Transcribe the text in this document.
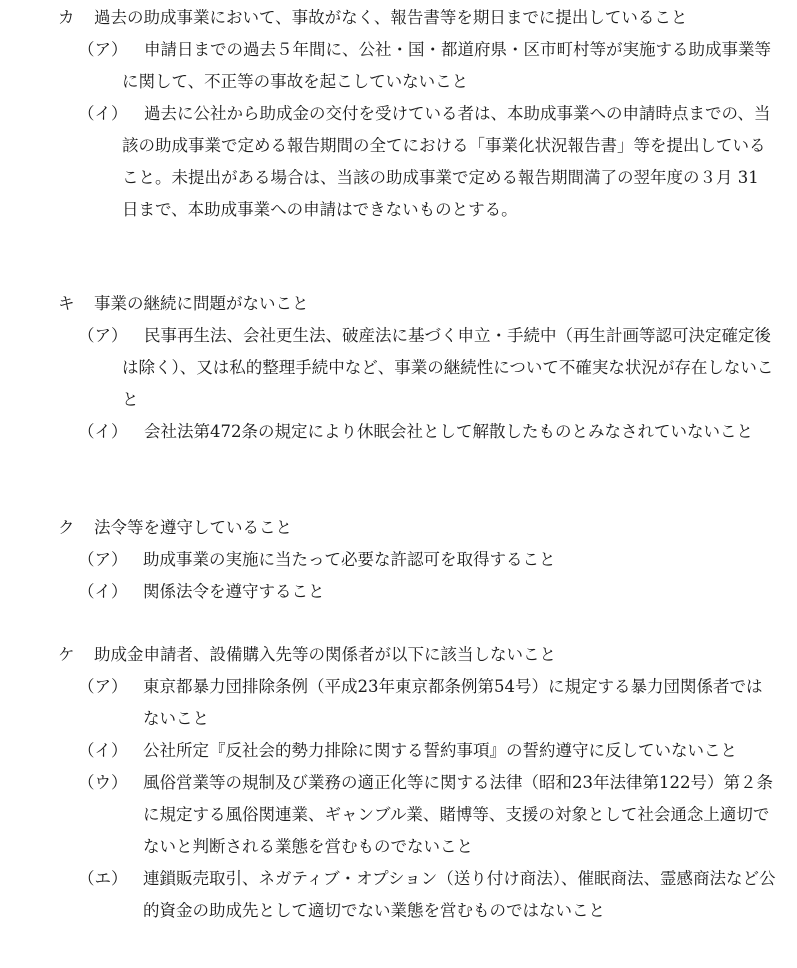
カ 過去の助成事業において、事故がなく、報告書等を期日までに提出していること
（ア）	申請日までの過去５年間に、公社・国・都道府県・区市町村等が実施する助成事業等に関して、不正等の事故を起こしていないこと
（イ）	過去に公社から助成金の交付を受けている者は、本助成事業への申請時点までの、当該の助成事業で定める報告期間の全てにおける「事業化状況報告書」等を提出していること。未提出がある場合は、当該の助成事業で定める報告期間満了の翌年度の３月 31 日まで、本助成事業への申請はできないものとする。
キ 事業の継続に問題がないこと
（ア）	民事再生法、会社更生法、破産法に基づく申立・手続中（再生計画等認可決定確定後は除く）、又は私的整理手続中など、事業の継続性について不確実な状況が存在しないこと
（イ）	会社法第472条の規定により休眠会社として解散したものとみなされていないこと
ク 法令等を遵守していること
（ア） 助成事業の実施に当たって必要な許認可を取得すること
（イ） 関係法令を遵守すること
ケ 助成金申請者、設備購入先等の関係者が以下に該当しないこと
（ア） 東京都暴力団排除条例（平成23年東京都条例第54号）に規定する暴力団関係者ではないこと
（イ） 公社所定『反社会的勢力排除に関する誓約事項』の誓約遵守に反していないこと
（ウ） 風俗営業等の規制及び業務の適正化等に関する法律（昭和23年法律第122号）第２条に規定する風俗関連業、ギャンブル業、賭博等、支援の対象として社会通念上適切でないと判断される業態を営むものでないこと
（エ） 連鎖販売取引、ネガティブ・オプション（送り付け商法）、催眠商法、霊感商法など公的資金の助成先として適切でない業態を営むものではないこと
